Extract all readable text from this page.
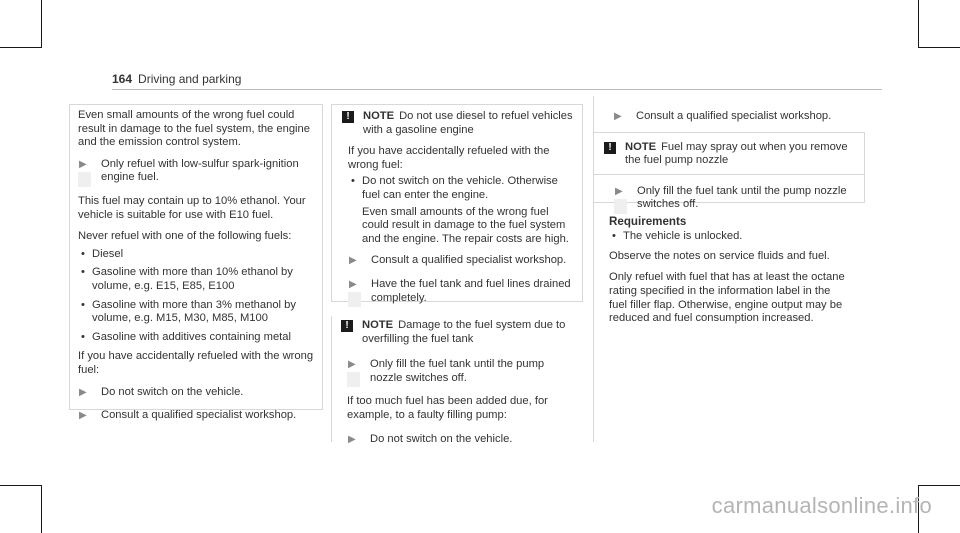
164 Driving and parking

Even small amounts of the wrong fuel could result in damage to the fuel system, the engine and the emission control system.

▶ Only refuel with low-sulfur spark-ignition engine fuel.

This fuel may contain up to 10% ethanol. Your vehicle is suitable for use with E10 fuel.

Never refuel with one of the following fuels:

• Diesel
• Gasoline with more than 10% ethanol by volume, e.g. E15, E85, E100
• Gasoline with more than 3% methanol by volume, e.g. M15, M30, M85, M100
• Gasoline with additives containing metal

If you have accidentally refueled with the wrong fuel:

▶ Do not switch on the vehicle.
▶ Consult a qualified specialist workshop.
!	NOTE Do not use diesel to refuel vehicles with a gasoline engine

If you have accidentally refueled with the wrong fuel:

• Do not switch on the vehicle. Otherwise fuel can enter the engine.
Even small amounts of the wrong fuel could result in damage to the fuel system and the engine. The repair costs are high.
▶ Consult a qualified specialist workshop.
▶ Have the fuel tank and fuel lines drained completely.
!	NOTE Damage to the fuel system due to overfilling the fuel tank
▶ Only fill the fuel tank until the pump nozzle switches off.

If too much fuel has been added due, for example, to a faulty filling pump:

▶ Do not switch on the vehicle.
▶ Consult a qualified specialist workshop.
!	NOTE Fuel may spray out when you remove the fuel pump nozzle
▶ Only fill the fuel tank until the pump nozzle switches off.
Requirements
• The vehicle is unlocked.

Observe the notes on service fluids and fuel.

Only refuel with fuel that has at least the octane rating specified in the information label in the fuel filler flap. Otherwise, engine output may be reduced and fuel consumption increased.

carmanualsonline.info
